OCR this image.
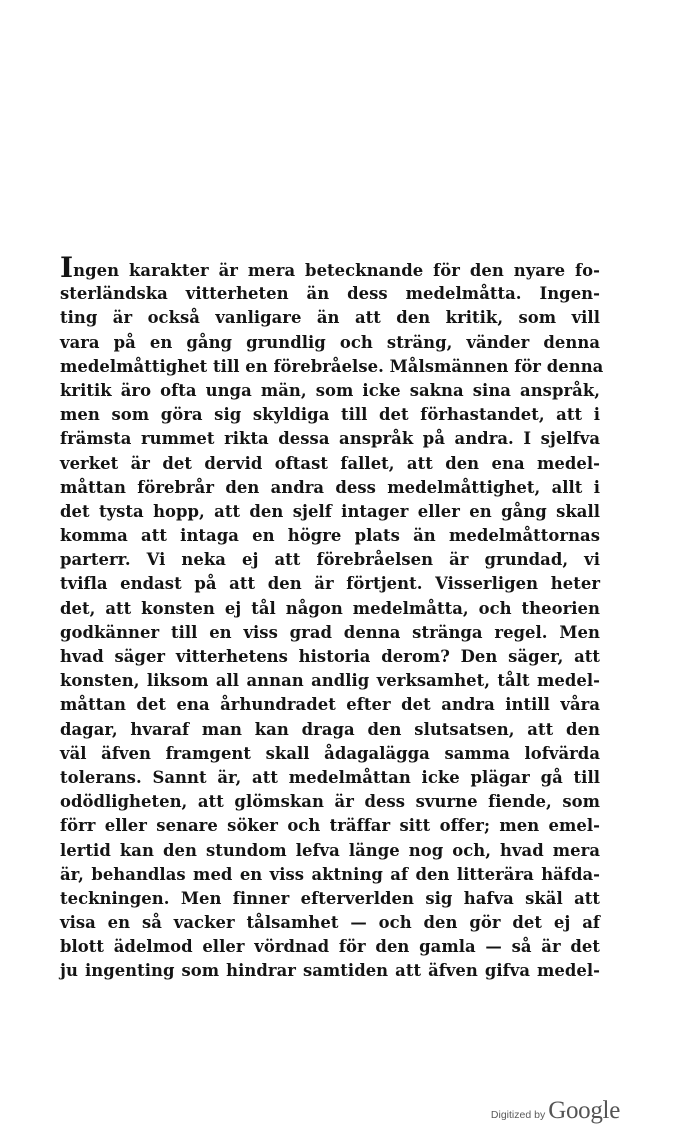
Ingen karakter är mera betecknande för den nyare fo-
sterländska vitterheten än dess medelmåtta. Ingen-
ting är också vanligare än att den kritik, som vill
vara på en gång grundlig och sträng, vänder denna
medelmåttighet till en förebråelse. Målsmännen för denna
kritik äro ofta unga män, som icke sakna sina anspråk,
men som göra sig skyldiga till det förhastandet, att i
främsta rummet rikta dessa anspråk på andra. I sjelfva
verket är det dervid oftast fallet, att den ena medel-
måttan förebrår den andra dess medelmåttighet, allt i
det tysta hopp, att den sjelf intager eller en gång skall
komma att intaga en högre plats än medelmåttornas
parterr. Vi neka ej att förebråelsen är grundad, vi
tvifla endast på att den är förtjent. Visserligen heter
det, att konsten ej tål någon medelmåtta, och theorien
godkänner till en viss grad denna stränga regel. Men
hvad säger vitterhetens historia derom? Den säger, att
konsten, liksom all annan andlig verksamhet, tålt medel-
måttan det ena århundradet efter det andra intill våra
dagar, hvaraf man kan draga den slutsatsen, att den
väl äfven framgent skall ådagalägga samma lofvärda
tolerans. Sannt är, att medelmåttan icke plägar gå till
odödligheten, att glömskan är dess svurne fiende, som
förr eller senare söker och träffar sitt offer; men emel-
lertid kan den stundom lefva länge nog och, hvad mera
är, behandlas med en viss aktning af den litterära häfda-
teckningen. Men finner efterverlden sig hafva skäl att
visa en så vacker tålsamhet — och den gör det ej af
blott ädelmod eller vördnad för den gamla — så är det
ju ingenting som hindrar samtiden att äfven gifva medel-
Digitized by Google
